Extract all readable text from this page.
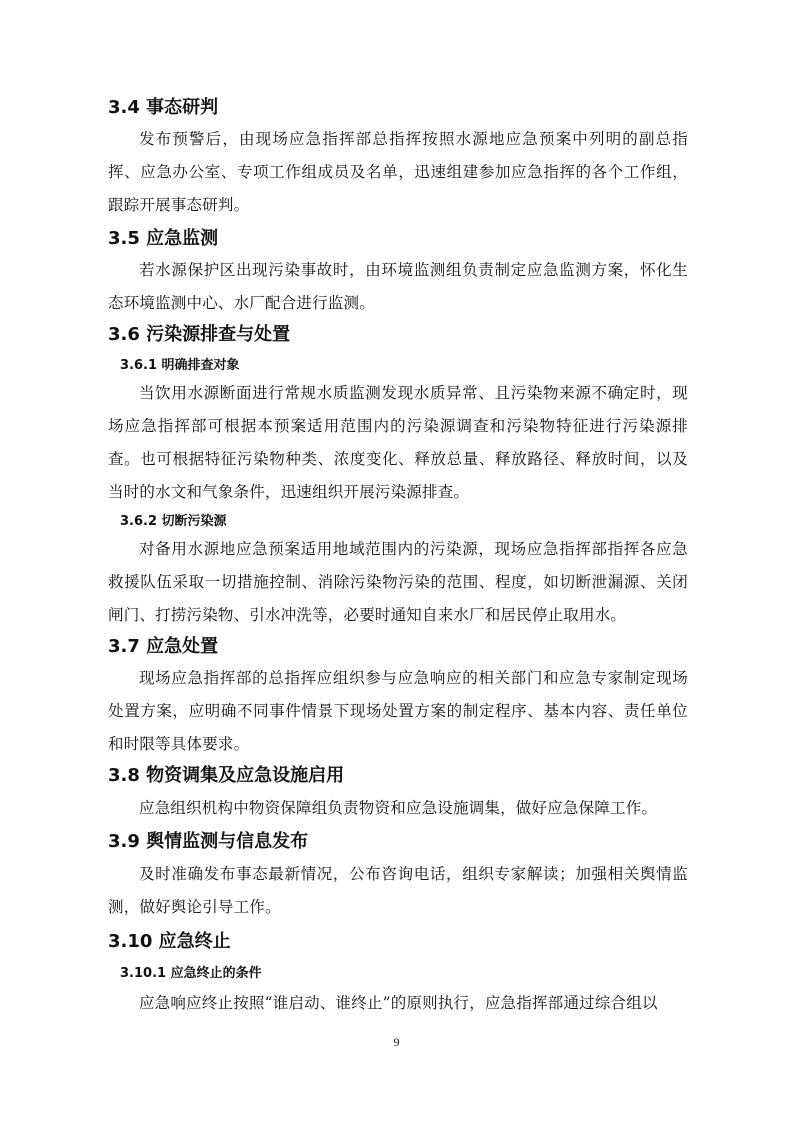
3.4 事态研判
发布预警后，由现场应急指挥部总指挥按照水源地应急预案中列明的副总指挥、应急办公室、专项工作组成员及名单，迅速组建参加应急指挥的各个工作组，跟踪开展事态研判。
3.5 应急监测
若水源保护区出现污染事故时，由环境监测组负责制定应急监测方案，怀化生态环境监测中心、水厂配合进行监测。
3.6 污染源排查与处置
3.6.1 明确排查对象
当饮用水源断面进行常规水质监测发现水质异常、且污染物来源不确定时，现场应急指挥部可根据本预案适用范围内的污染源调查和污染物特征进行污染源排查。也可根据特征污染物种类、浓度变化、释放总量、释放路径、释放时间，以及当时的水文和气象条件，迅速组织开展污染源排查。
3.6.2 切断污染源
对备用水源地应急预案适用地域范围内的污染源，现场应急指挥部指挥各应急救援队伍采取一切措施控制、消除污染物污染的范围、程度，如切断泄漏源、关闭闸门、打捞污染物、引水冲洗等，必要时通知自来水厂和居民停止取用水。
3.7 应急处置
现场应急指挥部的总指挥应组织参与应急响应的相关部门和应急专家制定现场处置方案，应明确不同事件情景下现场处置方案的制定程序、基本内容、责任单位和时限等具体要求。
3.8 物资调集及应急设施启用
应急组织机构中物资保障组负责物资和应急设施调集，做好应急保障工作。
3.9 舆情监测与信息发布
及时准确发布事态最新情况，公布咨询电话，组织专家解读；加强相关舆情监测，做好舆论引导工作。
3.10 应急终止
3.10.1 应急终止的条件
应急响应终止按照“谁启动、谁终止”的原则执行，应急指挥部通过综合组以
9
